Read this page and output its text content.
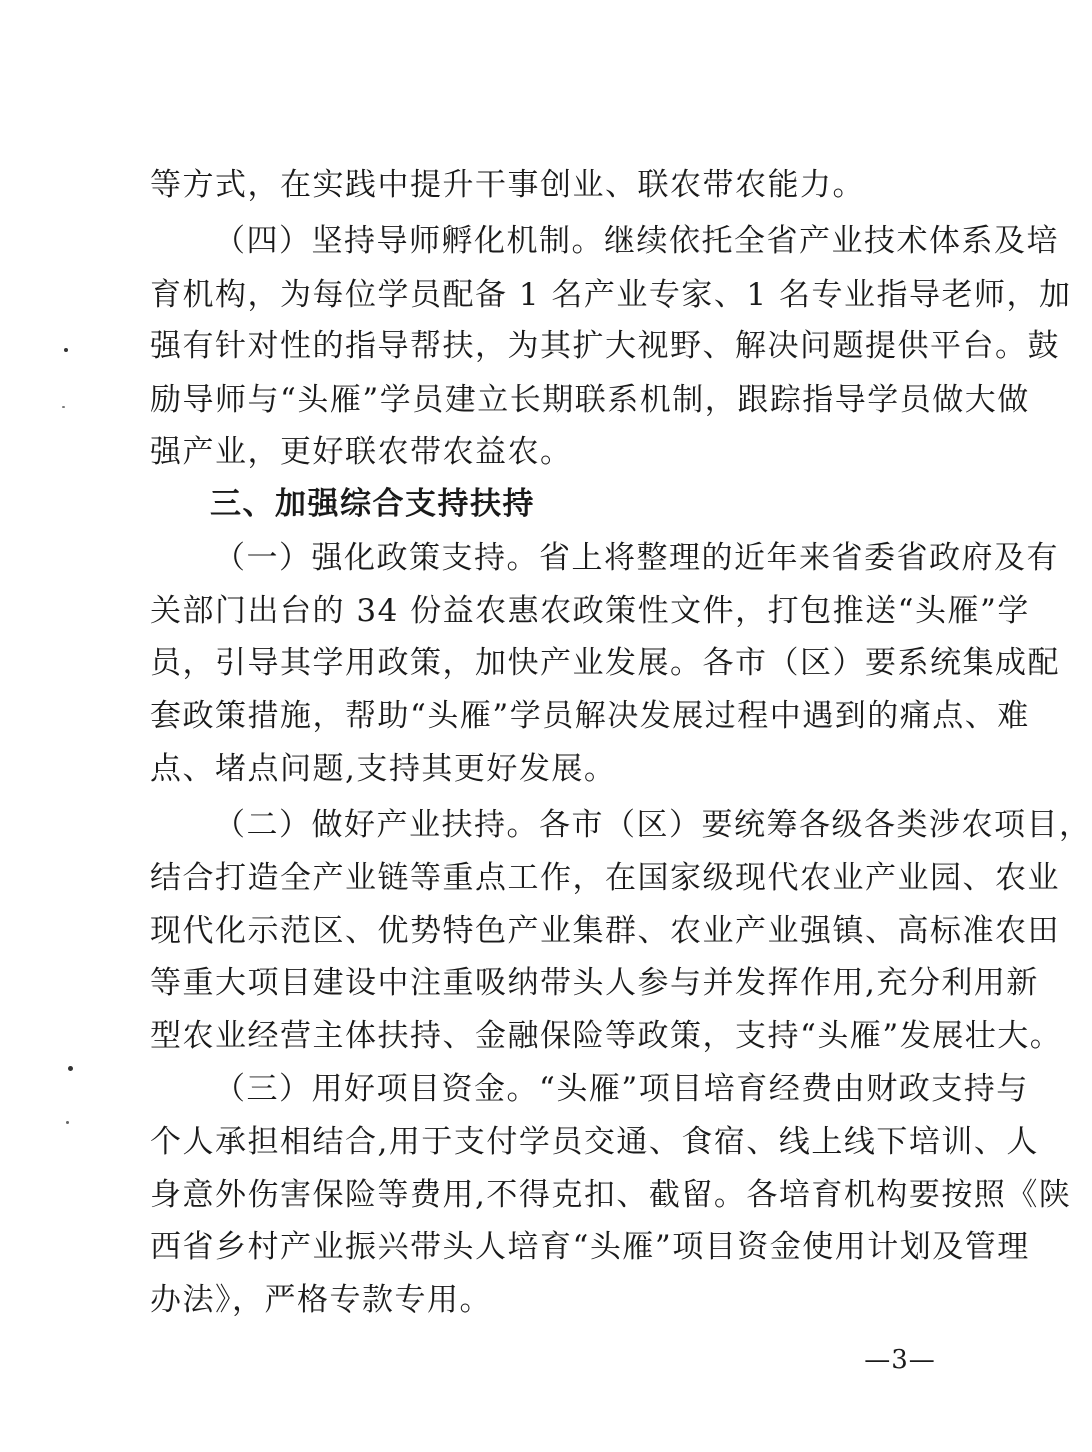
等方式，在实践中提升干事创业、联农带农能力。
（四）坚持导师孵化机制。继续依托全省产业技术体系及培
育机构，为每位学员配备 1 名产业专家、1 名专业指导老师，加
强有针对性的指导帮扶，为其扩大视野、解决问题提供平台。鼓
励导师与“头雁”学员建立长期联系机制，跟踪指导学员做大做
强产业，更好联农带农益农。
三、加强综合支持扶持
（一）强化政策支持。省上将整理的近年来省委省政府及有
关部门出台的 34 份益农惠农政策性文件，打包推送“头雁”学
员，引导其学用政策，加快产业发展。各市（区）要系统集成配
套政策措施，帮助“头雁”学员解决发展过程中遇到的痛点、难
点、堵点问题,支持其更好发展。
（二）做好产业扶持。各市（区）要统筹各级各类涉农项目，
结合打造全产业链等重点工作，在国家级现代农业产业园、农业
现代化示范区、优势特色产业集群、农业产业强镇、高标准农田
等重大项目建设中注重吸纳带头人参与并发挥作用,充分利用新
型农业经营主体扶持、金融保险等政策，支持“头雁”发展壮大。
（三）用好项目资金。“头雁”项目培育经费由财政支持与
个人承担相结合,用于支付学员交通、食宿、线上线下培训、人
身意外伤害保险等费用,不得克扣、截留。各培育机构要按照《陕
西省乡村产业振兴带头人培育“头雁”项目资金使用计划及管理
办法》，严格专款专用。
—3—
